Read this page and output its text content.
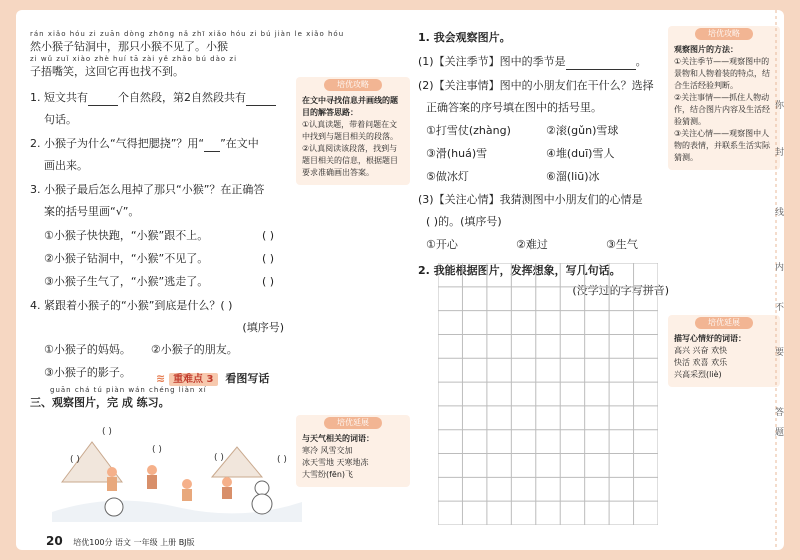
rán xiǎo hóu zi zuān dòng zhōng nǎ zhī xiǎo hóu zi bú jiàn le xiǎo hóu

然小猴子钻洞中，那只小猴不见了。小猴

zi wǔ zuǐ xiào zhè huí tā zài yě zhǎo bú dào zi

子捂嘴笑，这回它再也找不到。

1. 短文共有	个自然段，第2自然段共有

句话。

2. 小猴子为什么“气得把腮挠”？用“ ”在文中

画出来。

3. 小猴子最后怎么甩掉了那只“小猴”？在正确答

案的括号里画“√”。

①小猴子快快跑，“小猴”跟不上。	( )

②小猴子钻洞中，“小猴”不见了。	( )

③小猴子生气了，“小猴”逃走了。	( )

4. 紧跟着小猴子的“小猴”到底是什么？( )

(填序号)

①小猴子的妈妈。 ②小猴子的朋友。

③小猴子的影子。	≋ 重难点 3 看图写话
guān chá tú piàn wán chéng liàn xí

三、观察图片，完 成 练习。

( )
( )
( )
( )	( )
培优攻略
在文中寻找信息并画线的题目的解答思路：
①认真读题，带着问题在文中找到与题目相关的段落。
②认真阅读该段落，找到与题目相关的信息，根据题目要求准确画出答案。
培优延展
与天气相关的词语：
寒冷 风雪交加
冰天雪地 天寒地冻
大雪纷(fēn)飞

1. 我会观察图片。

(1)【关注季节】图中的季节是	。

(2)【关注事情】图中的小朋友们在干什么？选择

正确答案的序号填在图中的括号里。

①打雪仗(zhàng)	②滚(gǔn)雪球

③滑(huá)雪	④堆(duī)雪人

⑤做冰灯	⑥溜(liū)冰

(3)【关注心情】我猜测图中小朋友们的心情是

( )的。(填序号)

①开心	②难过	③生气

2. 我能根据图片，发挥想象，写几句话。

(没学过的字写拼音)

培优攻略
观察图片的方法：
①关注季节——观察图中的景物和人物着装的特点，结合生活经验判断。
②关注事情——抓住人物动作，结合图片内容及生活经验猜测。
③关注心情——观察图中人物的表情，并联系生活实际猜测。
培优延展
描写心情好的词语：
高兴 兴奋 欢快
快活 欢喜 欢乐
兴高采烈(liè)
20 培优100分 语文 一年级 上册 BJ版
你
封
线
内
不
要
答
题
